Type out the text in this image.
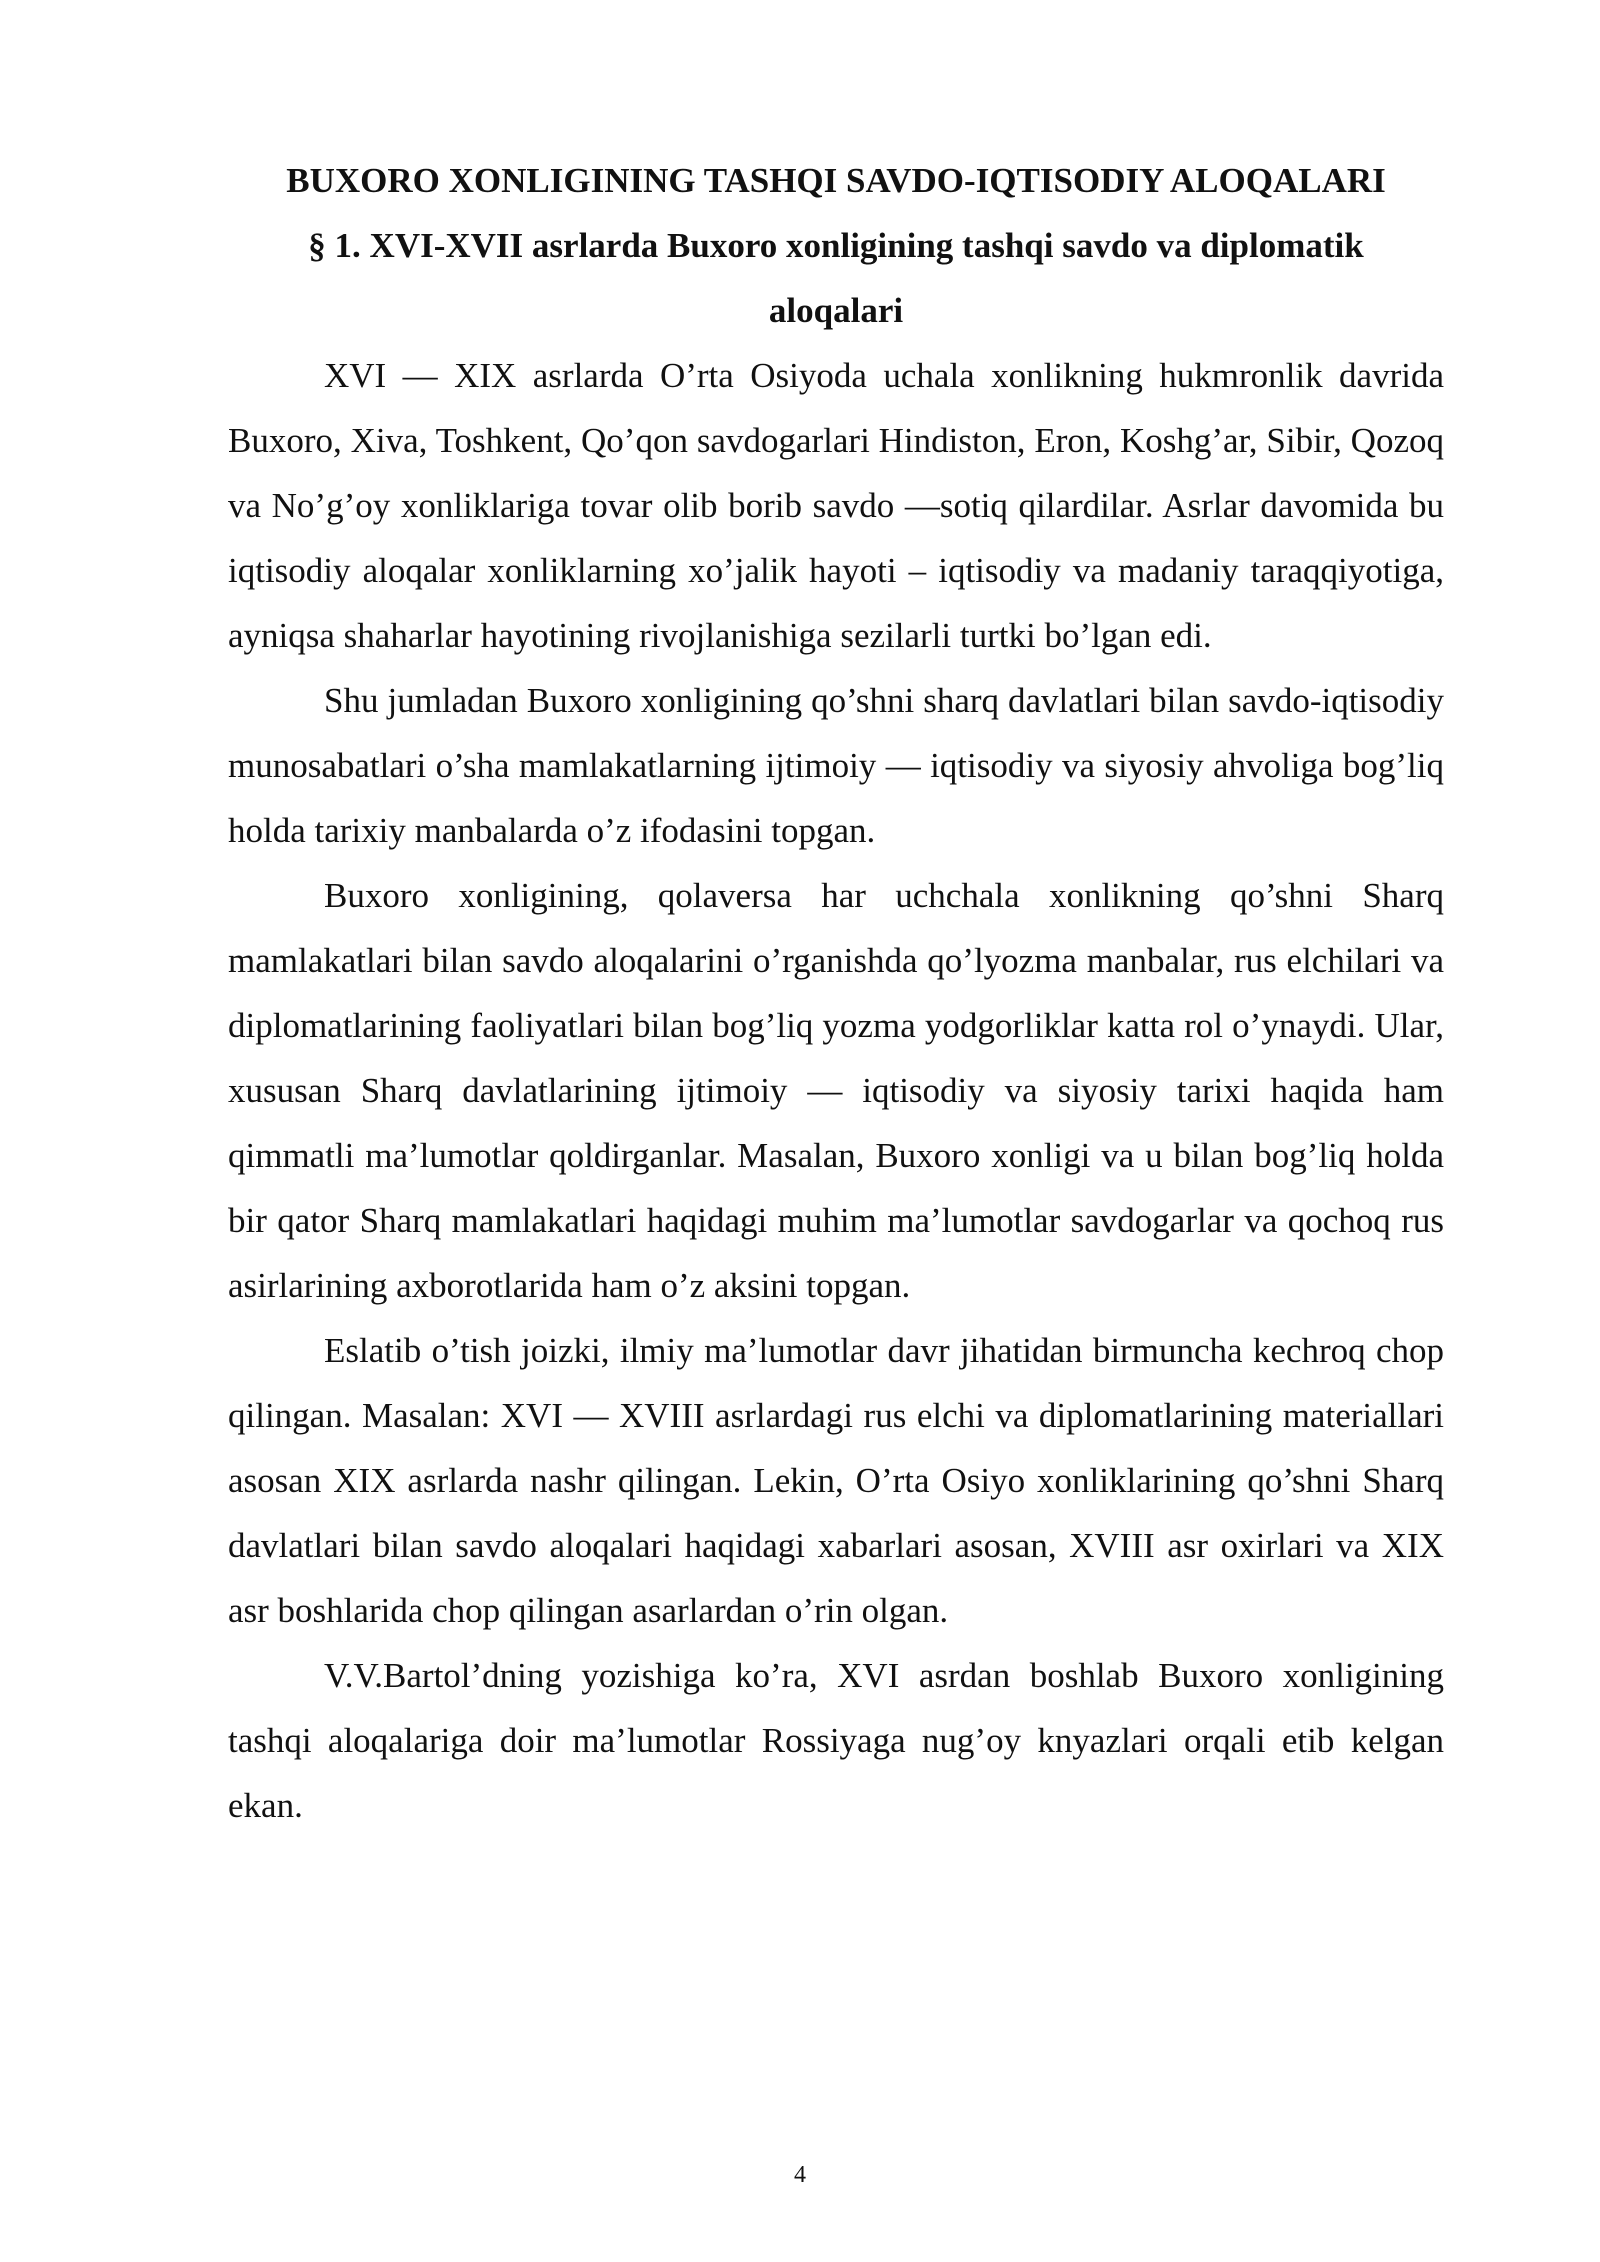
BUXORO XONLIGINING TASHQI SAVDO-IQTISODIY ALOQALARI
§ 1. XVI-XVII asrlarda Buxoro xonligining tashqi savdo va diplomatik aloqalari

XVI — XIX asrlarda O’rta Osiyoda uchala xonlikning hukmronlik davrida Buxoro, Xiva, Toshkent, Qo’qon savdogarlari Hindiston, Eron, Koshg’ar, Sibir, Qozoq va No’g’oy xonliklariga tovar olib borib savdo —sotiq qilardilar. Asrlar davomida bu iqtisodiy aloqalar xonliklarning xo’jalik hayoti – iqtisodiy va madaniy taraqqiyotiga, ayniqsa shaharlar hayotining rivojlanishiga sezilarli turtki bo’lgan edi.

Shu jumladan Buxoro xonligining qo’shni sharq davlatlari bilan savdo-iqtisodiy munosabatlari o’sha mamlakatlarning ijtimoiy — iqtisodiy va siyosiy ahvoliga bog’liq holda tarixiy manbalarda o’z ifodasini topgan.

Buxoro xonligining, qolaversa har uchchala xonlikning qo’shni Sharq mamlakatlari bilan savdo aloqalarini o’rganishda qo’lyozma manbalar, rus elchilari va diplomatlarining faoliyatlari bilan bog’liq yozma yodgorliklar katta rol o’ynaydi. Ular, xususan Sharq davlatlarining ijtimoiy — iqtisodiy va siyosiy tarixi haqida ham qimmatli ma’lumotlar qoldirganlar. Masalan, Buxoro xonligi va u bilan bog’liq holda bir qator Sharq mamlakatlari haqidagi muhim ma’lumotlar savdogarlar va qochoq rus asirlarining axborotlarida ham o’z aksini topgan.

Eslatib o’tish joizki, ilmiy ma’lumotlar davr jihatidan birmuncha kechroq chop qilingan. Masalan: XVI — XVIII asrlardagi rus elchi va diplomatlarining materiallari asosan XIX asrlarda nashr qilingan. Lekin, O’rta Osiyo xonliklarining qo’shni Sharq davlatlari bilan savdo aloqalari haqidagi xabarlari asosan, XVIII asr oxirlari va XIX asr boshlarida chop qilingan asarlardan o’rin olgan.

V.V.Bartol’dning yozishiga ko’ra, XVI asrdan boshlab Buxoro xonligining tashqi aloqalariga doir ma’lumotlar Rossiyaga nug’oy knyazlari orqali etib kelgan ekan.

4
